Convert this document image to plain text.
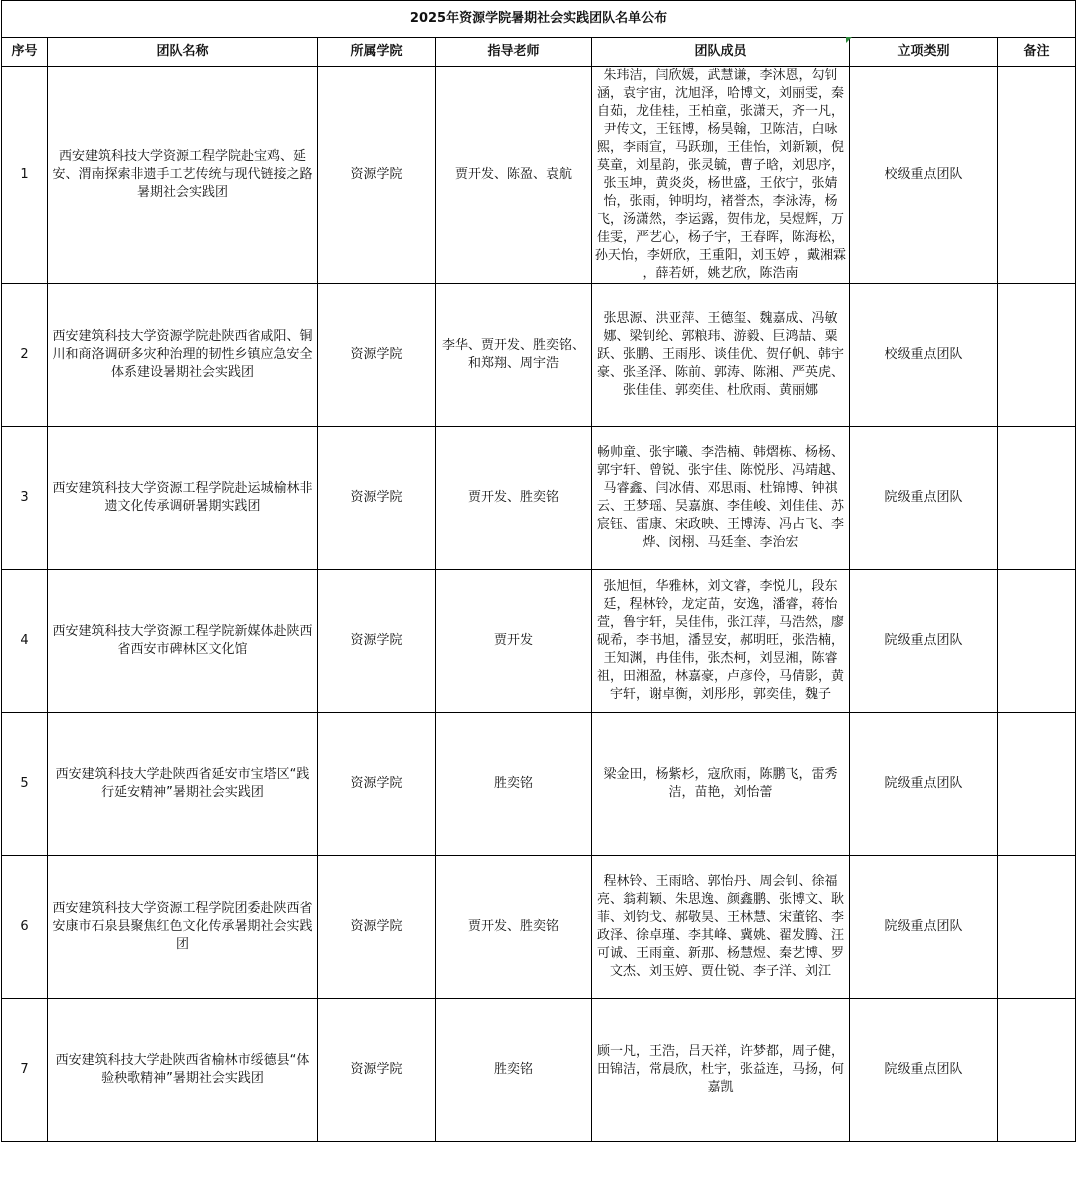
2025年资源学院暑期社会实践团队名单公布						
序号	团队名称	所属学院	指导老师	团队成员	立项类别	备注
1	西安建筑科技大学资源工程学院赴宝鸡、延安、渭南探索非遗手工艺传统与现代链接之路暑期社会实践团	资源学院	贾开发、陈盈、袁航	朱玮洁，闫欣媛，武慧谦，李沐恩，勾钊涵，袁宇宙，沈旭泽，哈博文，刘丽雯，秦自茹，龙佳桂，王柏童，张潇天，齐一凡，尹传文，王钰博，杨昊翰，卫陈洁，白咏熙，李雨宣，马跃珈，王佳怡，刘新颖，倪莫童，刘星韵，张灵毓，曹子晗，刘思序，张玉坤，黄炎炎，杨世盛，王依宁，张婧怡，张雨，钟明均，褚誉杰，李泳涛，杨飞，汤潇然，李运露，贺伟龙，吴煜辉，万佳雯，严艺心，杨子宇，王春晖，陈海松，孙天怡，李妍欣，王重阳，刘玉婷 ，戴湘霖 ，薛若妍，姚艺欣，陈浩南	校级重点团队	
2	西安建筑科技大学资源学院赴陕西省咸阳、铜川和商洛调研多灾种治理的韧性乡镇应急安全体系建设暑期社会实践团	资源学院	李华、贾开发、胜奕铭、和郑翔、周宇浩	张思源、洪亚萍、王德玺、魏嘉成、冯敏娜、梁钊纶、郭粮玮、游毅、巨鸿喆、粟跃、张鹏、王雨彤、谈佳优、贺仔帆、韩宇豪、张圣泽、陈前、郭涛、陈湘、严英虎、张佳佳、郭奕佳、杜欣雨、黄丽娜	校级重点团队	
3	西安建筑科技大学资源工程学院赴运城榆林非遗文化传承调研暑期实践团	资源学院	贾开发、胜奕铭	畅帅童、张宇曦、李浩楠、韩熠栋、杨杨、郭宇轩、曾锐、张宇佳、陈悦彤、冯靖越、马睿鑫、闫冰倩、邓思雨、杜锦博、钟祺云、王梦瑶、吴嘉旗、李佳峻、刘佳佳、苏宸钰、雷康、宋政映、王博涛、冯占飞、李烨、闵栩、马廷奎、李治宏	院级重点团队	
4	西安建筑科技大学资源工程学院新媒体赴陕西省西安市碑林区文化馆	资源学院	贾开发	张旭恒，华雅林，刘文睿，李悦儿，段东廷，程林铃，龙定苗，安逸，潘睿，蒋怡萱，鲁宇轩，吴佳伟，张江萍，马浩然，廖砚希，李书旭，潘昱安，郝明旺，张浩楠，王知渊，冉佳伟，张杰柯，刘昱湘，陈睿祖，田湘盈，林嘉豪，卢彦伶，马倩影，黄宇轩，谢卓衡，刘彤彤，郭奕佳，魏子	院级重点团队	
5	西安建筑科技大学赴陕西省延安市宝塔区“践行延安精神”暑期社会实践团	资源学院	胜奕铭	梁金田，杨紫杉，寇欣雨，陈鹏飞，雷秀洁，苗艳，刘怡蕾	院级重点团队	
6	西安建筑科技大学资源工程学院团委赴陕西省安康市石泉县聚焦红色文化传承暑期社会实践团	资源学院	贾开发、胜奕铭	程林铃、王雨晗、郭怡丹、周会钊、徐福亮、翁莉颖、朱思逸、颜鑫鹏、张博文、耿菲、刘钧戈、郝敬昊、王林慧、宋董铭、李政泽、徐卓瑾、李其峰、冀姚、翟发腾、汪可诚、王雨童、新那、杨慧煜、秦艺博、罗文杰、刘玉婷、贾仕锐、李子洋、刘江	院级重点团队	
7	西安建筑科技大学赴陕西省榆林市绥德县“体验秧歌精神”暑期社会实践团	资源学院	胜奕铭	顾一凡，王浩，吕天祥，许梦都，周子健，田锦洁，常晨欣，杜宇，张益连，马扬，何嘉凯	院级重点团队	
